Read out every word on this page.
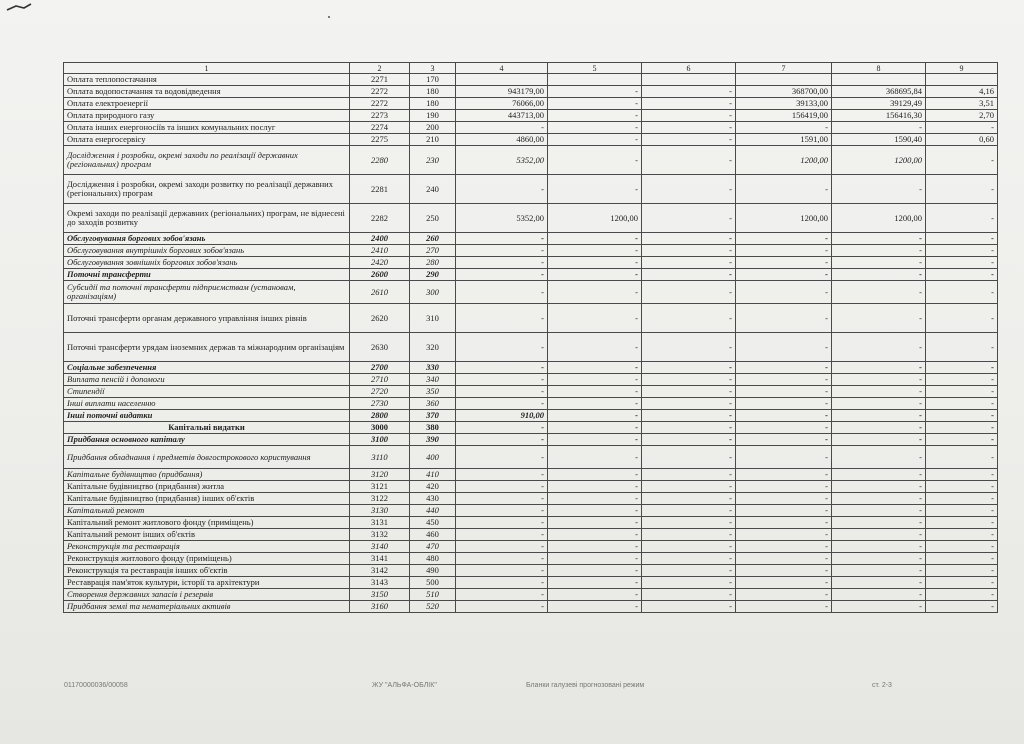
1	2	3	4	5	6	7	8	9
Оплата теплопостачання	2271	170						
Оплата водопостачання та водовідведення	2272	180	943179,00	-	-	368700,00	368695,84	4,16
Оплата електроенергії	2272	180	76066,00	-	-	39133,00	39129,49	3,51
Оплата природного газу	2273	190	443713,00	-	-	156419,00	156416,30	2,70
Оплата інших енергоносіїв та інших комунальних послуг	2274	200	-	-	-	-	-	-
Оплата енергосервісу	2275	210	4860,00	-	-	1591,00	1590,40	0,60
Дослідження і розробки, окремі заходи по реалізації державних (регіональних) програм	2280	230	5352,00	-	-	1200,00	1200,00	-
Дослідження і розробки, окремі заходи розвитку по реалізації державних (регіональних) програм	2281	240	-	-	-	-	-	-
Окремі заходи по реалізації державних (регіональних) програм, не віднесені до заходів розвитку	2282	250	5352,00	1200,00	-	1200,00	1200,00	-
Обслуговування боргових зобов'язань	2400	260	-	-	-	-	-	-
Обслуговування внутрішніх боргових зобов'язань	2410	270	-	-	-	-	-	-
Обслуговування зовнішніх боргових зобов'язань	2420	280	-	-	-	-	-	-
Поточні трансферти	2600	290	-	-	-	-	-	-
Субсидії та поточні трансферти підприємствам (установам, організаціям)	2610	300	-	-	-	-	-	-
Поточні трансферти органам державного управління інших рівнів	2620	310	-	-	-	-	-	-
Поточні трансферти урядам іноземних держав та міжнародним організаціям	2630	320	-	-	-	-	-	-
Соціальне забезпечення	2700	330	-	-	-	-	-	-
Виплата пенсій і допомоги	2710	340	-	-	-	-	-	-
Стипендії	2720	350	-	-	-	-	-	-
Інші виплати населенню	2730	360	-	-	-	-	-	-
Інші поточні видатки	2800	370	910,00	-	-	-	-	-
Капітальні видатки	3000	380	-	-	-	-	-	-
Придбання основного капіталу	3100	390	-	-	-	-	-	-
Придбання обладнання і предметів довгострокового користування	3110	400	-	-	-	-	-	-
Капітальне будівництво (придбання)	3120	410	-	-	-	-	-	-
Капітальне будівництво (придбання) житла	3121	420	-	-	-	-	-	-
Капітальне будівництво (придбання) інших об'єктів	3122	430	-	-	-	-	-	-
Капітальний ремонт	3130	440	-	-	-	-	-	-
Капітальний ремонт житлового фонду (приміщень)	3131	450	-	-	-	-	-	-
Капітальний ремонт інших об'єктів	3132	460	-	-	-	-	-	-
Реконструкція та реставрація	3140	470	-	-	-	-	-	-
Реконструкція житлового фонду (приміщень)	3141	480	-	-	-	-	-	-
Реконструкція та реставрація інших об'єктів	3142	490	-	-	-	-	-	-
Реставрація пам'яток культури, історії та архітектури	3143	500	-	-	-	-	-	-
Створення державних запасів і резервів	3150	510	-	-	-	-	-	-
Придбання землі та нематеріальних активів	3160	520	-	-	-	-	-	-
01170000036/00058	ЖУ "АЛЬФА-ОБЛІК"	Бланки галузеві прогнозовані режим	ст. 2-3
